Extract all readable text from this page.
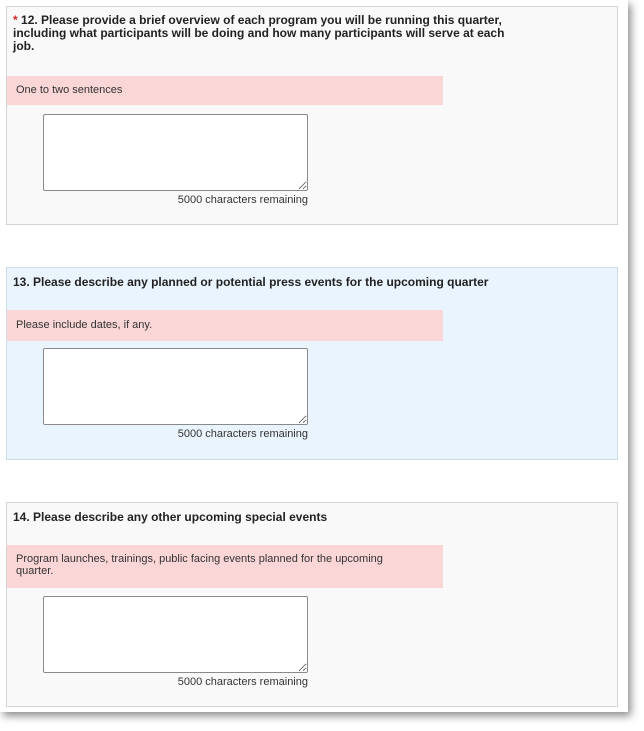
* 12. Please provide a brief overview of each program you will be running this quarter, including what participants will be doing and how many participants will serve at each job.
One to two sentences
5000 characters remaining
13. Please describe any planned or potential press events for the upcoming quarter
Please include dates, if any.
5000 characters remaining
14. Please describe any other upcoming special events
Program launches, trainings, public facing events planned for the upcoming quarter.
5000 characters remaining
